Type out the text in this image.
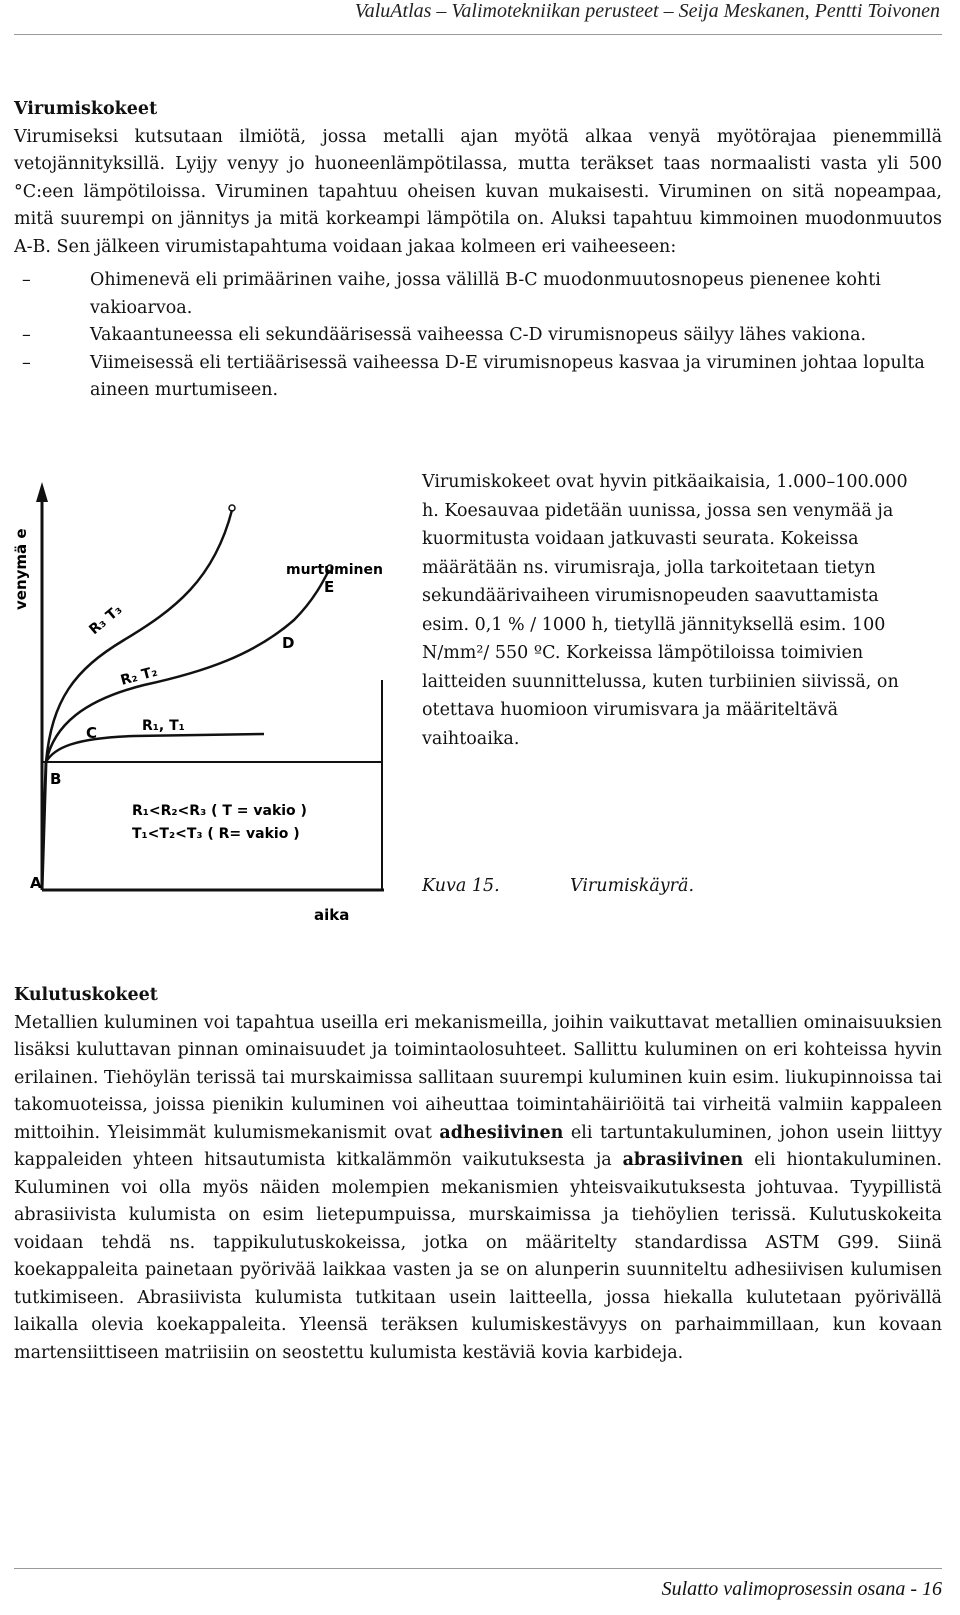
ValuAtlas – Valimotekniikan perusteet – Seija Meskanen, Pentti Toivonen
Virumiskokeet

Virumiseksi kutsutaan ilmiötä, jossa metalli ajan myötä alkaa venyä myötörajaa pienemmillä vetojännityksillä. Lyijy venyy jo huoneenlämpötilassa, mutta teräkset taas normaalisti vasta yli 500 °C:een lämpötiloissa. Viruminen tapahtuu oheisen kuvan mukaisesti. Viruminen on sitä nopeampaa, mitä suurempi on jännitys ja mitä korkeampi lämpötila on. Aluksi tapahtuu kimmoinen muodonmuutos A-B. Sen jälkeen virumistapahtuma voidaan jakaa kolmeen eri vaiheeseen:

–	Ohimenevä eli primäärinen vaihe, jossa välillä B-C muodonmuutosnopeus pienenee kohti vakioarvoa.
–	Vakaantuneessa eli sekundäärisessä vaiheessa C-D virumisnopeus säilyy lähes vakiona.
–	Viimeisessä eli tertiäärisessä vaiheessa D-E virumisnopeus kasvaa ja viruminen johtaa lopulta aineen murtumiseen.
venymä e
aika
A
B
C
D
E
murtuminen
R₃ T₃
R₂ T₂
R₁, T₁
R₁<R₂<R₃ ( T = vakio )
T₁<T₂<T₃ ( R= vakio )
Virumiskokeet ovat hyvin pitkäaikaisia, 1.000–100.000 h. Koesauvaa pidetään uunissa, jossa sen venymää ja kuormitusta voidaan jatkuvasti seurata. Kokeissa määrätään ns. virumisraja, jolla tarkoitetaan tietyn sekundäärivaiheen virumisnopeuden saavuttamista esim. 0,1 % / 1000 h, tietyllä jännityksellä esim. 100 N/mm²/ 550 ºC. Korkeissa lämpötiloissa toimivien laitteiden suunnittelussa, kuten turbiinien siivissä, on otettava huomioon virumisvara ja määriteltävä vaihtoaika.
Kuva 15.	Virumiskäyrä.
Kulutuskokeet

Metallien kuluminen voi tapahtua useilla eri mekanismeilla, joihin vaikuttavat metallien ominaisuuksien lisäksi kuluttavan pinnan ominaisuudet ja toimintaolosuhteet. Sallittu kuluminen on eri kohteissa hyvin erilainen. Tiehöylän terissä tai murskaimissa sallitaan suurempi kuluminen kuin esim. liukupinnoissa tai takomuoteissa, joissa pienikin kuluminen voi aiheuttaa toimintahäiriöitä tai virheitä valmiin kappaleen mittoihin. Yleisimmät kulumismekanismit ovat adhesiivinen eli tartuntakuluminen, johon usein liittyy kappaleiden yhteen hitsautumista kitkalämmön vaikutuksesta ja abrasiivinen eli hiontakuluminen. Kuluminen voi olla myös näiden molempien mekanismien yhteisvaikutuksesta johtuvaa. Tyypillistä abrasiivista kulumista on esim lietepumpuissa, murskaimissa ja tiehöylien terissä. Kulutuskokeita voidaan tehdä ns. tappikulutuskokeissa, jotka on määritelty standardissa ASTM G99. Siinä koekappaleita painetaan pyörivää laikkaa vasten ja se on alunperin suunniteltu adhesiivisen kulumisen tutkimiseen. Abrasiivista kulumista tutkitaan usein laitteella, jossa hiekalla kulutetaan pyörivällä laikalla olevia koekappaleita. Yleensä teräksen kulumiskestävyys on parhaimmillaan, kun kovaan martensiittiseen matriisiin on seostettu kulumista kestäviä kovia karbideja.

Sulatto valimoprosessin osana - 16
